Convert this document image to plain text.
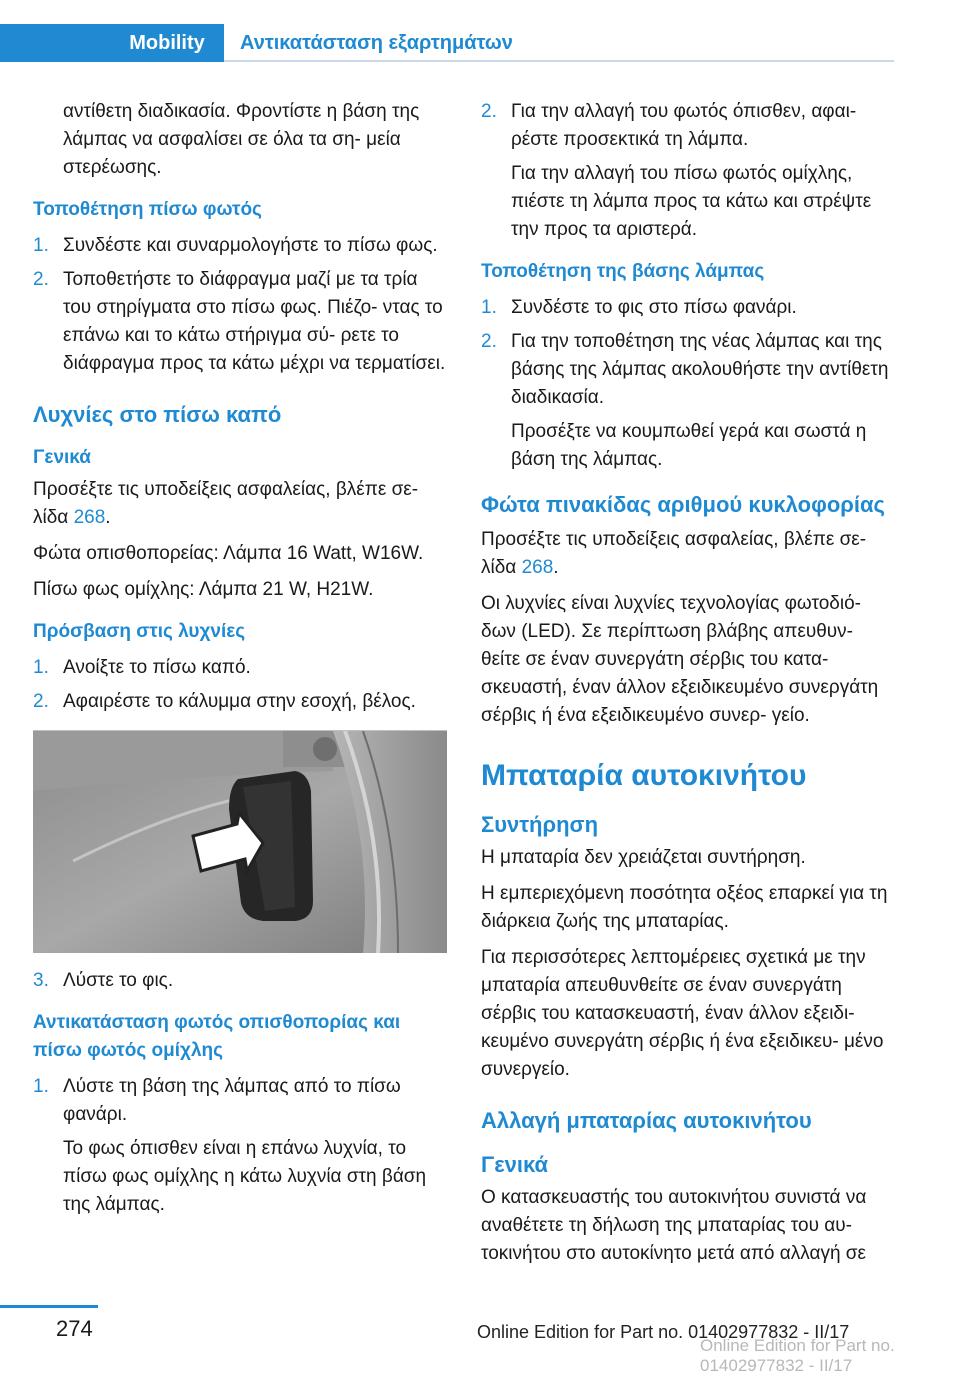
Mobility	Αντικατάσταση εξαρτημάτων

αντίθετη διαδικασία. Φροντίστε η βάση της λάμπας να ασφαλίσει σε όλα τα ση‐ μεία στερέωσης.

Τοποθέτηση πίσω φωτός
1. Συνδέστε και συναρμολογήστε το πίσω φως.
2. Τοποθετήστε το διάφραγμα μαζί με τα τρία του στηρίγματα στο πίσω φως. Πιέζο‐ ντας το επάνω και το κάτω στήριγμα σύ‐ ρετε το διάφραγμα προς τα κάτω μέχρι να τερματίσει.
Λυχνίες στο πίσω καπό
Γενικά

Προσέξτε τις υποδείξεις ασφαλείας, βλέπε σε‐ λίδα 268.

Φώτα οπισθοπορείας: Λάμπα 16 Watt, W16W.

Πίσω φως ομίχλης: Λάμπα 21 W, H21W.

Πρόσβαση στις λυχνίες
1. Ανοίξτε το πίσω καπό.
2. Αφαιρέστε το κάλυμμα στην εσοχή, βέλος.
3. Λύστε το φις.
Αντικατάσταση φωτός οπισθοπορίας και πίσω φωτός ομίχλης
1. Λύστε τη βάση της λάμπας από το πίσω φανάρι.

Το φως όπισθεν είναι η επάνω λυχνία, το πίσω φως ομίχλης η κάτω λυχνία στη βάση της λάμπας.

2. Για την αλλαγή του φωτός όπισθεν, αφαι‐ ρέστε προσεκτικά τη λάμπα.

Για την αλλαγή του πίσω φωτός ομίχλης, πιέστε τη λάμπα προς τα κάτω και στρέψτε την προς τα αριστερά.

Τοποθέτηση της βάσης λάμπας
1. Συνδέστε το φις στο πίσω φανάρι.
2. Για την τοποθέτηση της νέας λάμπας και της βάσης της λάμπας ακολουθήστε την αντίθετη διαδικασία.

Προσέξτε να κουμπωθεί γερά και σωστά η βάση της λάμπας.

Φώτα πινακίδας αριθμού κυκλοφορίας

Προσέξτε τις υποδείξεις ασφαλείας, βλέπε σε‐ λίδα 268.

Οι λυχνίες είναι λυχνίες τεχνολογίας φωτοδιό‐ δων (LED). Σε περίπτωση βλάβης απευθυν‐ θείτε σε έναν συνεργάτη σέρβις του κατα‐ σκευαστή, έναν άλλον εξειδικευμένο συνεργάτη σέρβις ή ένα εξειδικευμένο συνερ‐ γείο.

Μπαταρία αυτοκινήτου
Συντήρηση

Η μπαταρία δεν χρειάζεται συντήρηση.

Η εμπεριεχόμενη ποσότητα οξέος επαρκεί για τη διάρκεια ζωής της μπαταρίας.

Για περισσότερες λεπτομέρειες σχετικά με την μπαταρία απευθυνθείτε σε έναν συνεργάτη σέρβις του κατασκευαστή, έναν άλλον εξειδι‐ κευμένο συνεργάτη σέρβις ή ένα εξειδικευ‐ μένο συνεργείο.

Αλλαγή μπαταρίας αυτοκινήτου
Γενικά

Ο κατασκευαστής του αυτοκινήτου συνιστά να αναθέτετε τη δήλωση της μπαταρίας του αυ‐ τοκινήτου στο αυτοκίνητο μετά από αλλαγή σε

274	Online Edition for Part no. 01402977832 - II/17
Online Edition for Part no. 01402977832 - II/17
